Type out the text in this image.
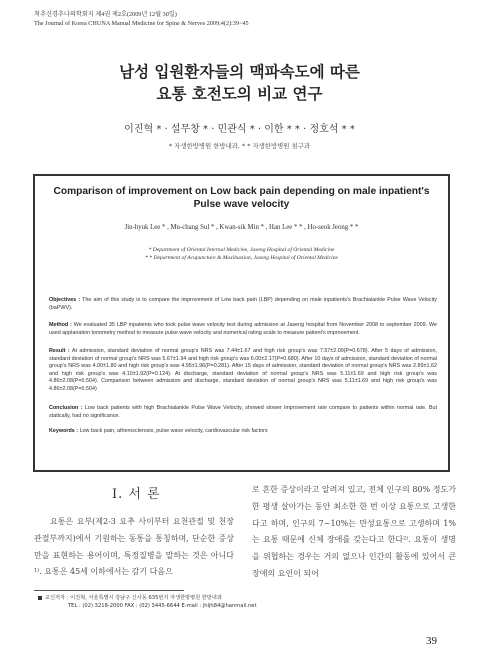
척추신경추나의학회지 제4권 제2호(2009년 12월 30일)
The Journal of Korea CHUNA Manual Medicine for Spine & Nerves 2009;4(2):39~45
남성 입원환자들의 맥파속도에 따른
요통 호전도의 비교 연구
이진혁 * · 설무창 * · 민관식 * · 이한 * * · 정호석 * *
* 자생한방병원 한방내과, * * 자생한방병원 침구과
Comparison of improvement on Low back pain depending on male inpatient's Pulse wave velocity
Jin-hyuk Lee * , Mu-chang Sul * , Kwan-sik Min * , Han Lee * * , Ho-seok Jeong * *
* Department of Oriental Internal Medicine, Jaseng Hospital of Oriental Medicine
* * Department of Acupuncture & Moxibustion, Jaseng Hospital of Oriental Medicine
Objectives : The aim of this study is to compare the improvement of Low back pain (LBP) depending on male inpatients's Brachialankle Pulse Wave Velocity (baPWV).
Method : We evaluated 35 LBP inpatients who took pulse wave velocity test during admission at Jaseng hospital from November 2008 to september 2009. We used applanation tonometry method to measure pulse wave velocity and numerical rating scale to measure patient's improvement.
Result : At admission, standard deviation of normal group's NRS was 7.44±1.67 and high risk group's was 7.57±2.09(P=0.678). After 5 days of admission, standard deviation of normal group's NRS was 5.67±1.94 and high risk group's was 6.00±2.17(P=0.680). After 10 days of admission, standard deviation of normal group's NRS was 4.00±1.80 and high risk group's was 4.95±1.96(P=0.281). After 15 days of admission, standard deviation of normal group's NRS was 2.89±1.62 and high risk group's was 4.10±1.92(P=0.124). At discharge, standard deviation of normal group's NRS was 5.11±1.69 and high risk group's was 4.86±2.08(P=0.504). Comparison between admission and discharge, standard deviation of normal group's NRS was 5.11±1.69 and high risk group's was 4.86±2.08(P=0.504)
Conclusion : Low back patients with high Brachialankle Pulse Wave Velocity, showed slower improvement rate compare to patients within normal rate. But statically, had no significance.
Keywords : Low back pain, atherosclerosis, pulse wave velocity, cardiovascular risk factors
Ⅰ. 서 론
요통은 요부(제2-3 요추 사이부터 요천관절 및 천장 관절부까지)에서 기원하는 동통을 통칭하며, 단순한 증상만을 표현하는 용어이며, 특정질병을 말하는 것은 아니다¹⁾. 요통은 45세 이하에서는 감기 다음으
로 흔한 증상이라고 알려져 있고, 전체 인구의 80% 정도가 한 평생 살아가는 동안 최소한 한 번 이상 요통으로 고생한다고 하며, 인구의 7~10%는 만성요통으로 고생하며 1%는 요통 때문에 신체 장애를 갖는다고 한다²⁾. 요통이 생명을 위협하는 경우는 거의 없으나 인간의 활동에 있어서 큰 장애의 요인이 되어
교신저자 : 이진혁, 서울특별시 강남구 신사동 635번지 자생한방병원 한방내과
TEL : (02) 3218-2000 FAX : (02) 3445-6644 E-mail : jhljh84@hanmail.net
39
